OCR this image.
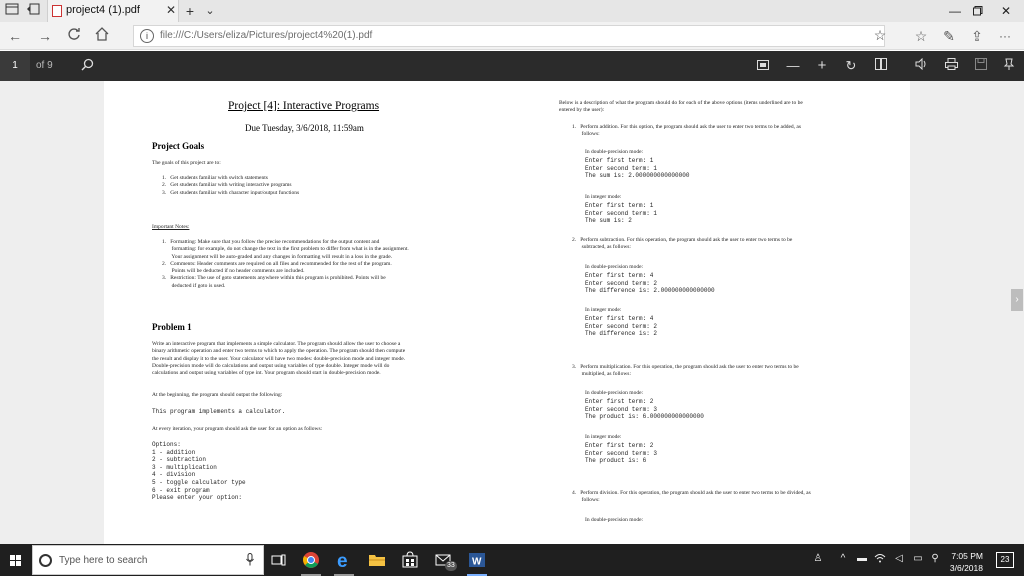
project4 (1).pdf ✕ +	⌄	—	✕
← →	i	file:///C:/Users/eliza/Pictures/project4%20(1).pdf	☆ ☆ ✎ ⇪ ···
1	of 9	— + ↻
Project [4]: Interactive Programs
Due Tuesday, 3/6/2018, 11:59am
Project Goals
The goals of this project are to:
1.   Get students familiar with switch statements
2.   Get students familiar with writing interactive programs
3.   Get students familiar with character input/output functions
Important Notes:
1.   Formatting: Make sure that you follow the precise recommendations for the output content and
formatting: for example, do not change the text in the first problem to differ from what is in the assignment.
Your assignment will be auto-graded and any changes in formatting will result in a loss in the grade.
2.   Comments: Header comments are required on all files and recommended for the rest of the program.
Points will be deducted if no header comments are included.
3.   Restriction: The use of goto statements anywhere within this program is prohibited. Points will be
deducted if goto is used.
Problem 1
Write an interactive program that implements a simple calculator. The program should allow the user to choose a
binary arithmetic operation and enter two terms to which to apply the operation. The program should then compute
the result and display it to the user. Your calculator will have two modes: double-precision mode and integer mode.
Double-precision mode will do calculations and output using variables of type double. Integer mode will do
calculations and output using variables of type int. Your program should start in double-precision mode.
At the beginning, the program should output the following:
This program implements a calculator.
At every iteration, your program should ask the user for an option as follows:
Options:
1 - addition
2 - subtraction
3 - multiplication
4 - division
5 - toggle calculator type
6 - exit program
Please enter your option:
Below is a description of what the program should do for each of the above options (items underlined are to be
entered by the user):
1.   Perform addition. For this option, the program should ask the user to enter two terms to be added, as
follows:
In double-precision mode:
Enter first term: 1
Enter second term: 1
The sum is: 2.000000000000000
In integer mode:
Enter first term: 1
Enter second term: 1
The sum is: 2
2.   Perform subtraction. For this operation, the program should ask the user to enter two terms to be
subtracted, as follows:
In double-precision mode:
Enter first term: 4
Enter second term: 2
The difference is: 2.000000000000000
In integer mode:
Enter first term: 4
Enter second term: 2
The difference is: 2
3.   Perform multiplication. For this operation, the program should ask the user to enter two terms to be
multiplied, as follows:
In double-precision mode:
Enter first term: 2
Enter second term: 3
The product is: 6.000000000000000
In integer mode:
Enter first term: 2
Enter second term: 3
The product is: 6
4.   Perform division. For this operation, the program should ask the user to enter two terms to be divided, as
follows:
In double-precision mode:
›
Type here to search	e	33 W	♙	^	▬	◁ ▭ ⚲ 7:05 PM
3/6/2018
23
